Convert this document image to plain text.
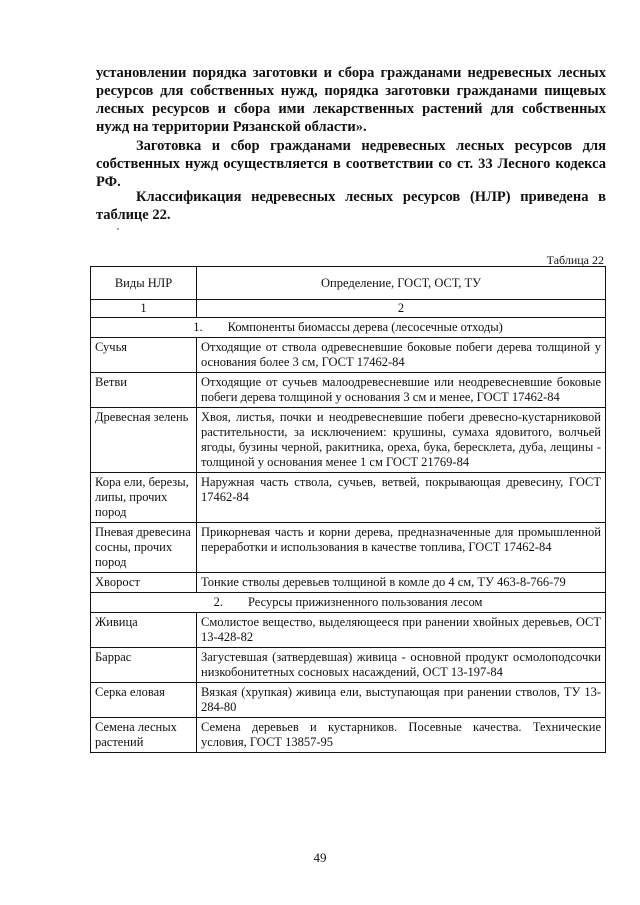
установлении порядка заготовки и сбора гражданами недревесных лесных ресурсов для собственных нужд, порядка заготовки гражданами пищевых лесных ресурсов и сбора ими лекарственных растений для собственных нужд на территории Рязанской области».
Заготовка и сбор гражданами недревесных лесных ресурсов для собственных нужд осуществляется в соответствии со ст. 33 Лесного кодекса РФ.
Классификация недревесных лесных ресурсов (НЛР) приведена в таблице 22.
Таблица 22
Виды НЛР	Определение, ГОСТ, ОСТ, ТУ
1	2
1.  Компоненты биомассы дерева (лесосечные отходы)	
Сучья	Отходящие от ствола одревесневшие боковые побеги дерева толщиной у основания более 3 см, ГОСТ 17462-84
Ветви	Отходящие от сучьев малоодревесневшие или неодревесневшие боковые побеги дерева толщиной у основания 3 см и менее, ГОСТ 17462-84
Древесная зелень	Хвоя, листья, почки и неодревесневшие побеги древесно-кустарниковой растительности, за исключением: крушины, сумаха ядовитого, волчьей ягоды, бузины черной, ракитника, ореха, бука, бересклета, дуба, лещины - толщиной у основания менее 1 см ГОСТ 21769-84
Кора ели, березы, липы, прочих пород	Наружная часть ствола, сучьев, ветвей, покрывающая древесину, ГОСТ 17462-84
Пневая древесина сосны, прочих пород	Прикорневая часть и корни дерева, предназначенные для промышленной переработки и использования в качестве топлива, ГОСТ 17462-84
Хворост	Тонкие стволы деревьев толщиной в комле до 4 см, ТУ 463-8-766-79
2.  Ресурсы прижизненного пользования лесом	
Живица	Смолистое вещество, выделяющееся при ранении хвойных деревьев, ОСТ 13-428-82
Баррас	Загустевшая (затвердевшая) живица - основной продукт осмолоподсочки низкобонитетных сосновых насаждений, ОСТ 13-197-84
Серка еловая	Вязкая (хрупкая) живица ели, выступающая при ранении стволов, ТУ 13-284-80
Семена лесных растений	Семена деревьев и кустарников. Посевные качества. Технические условия, ГОСТ 13857-95
49
